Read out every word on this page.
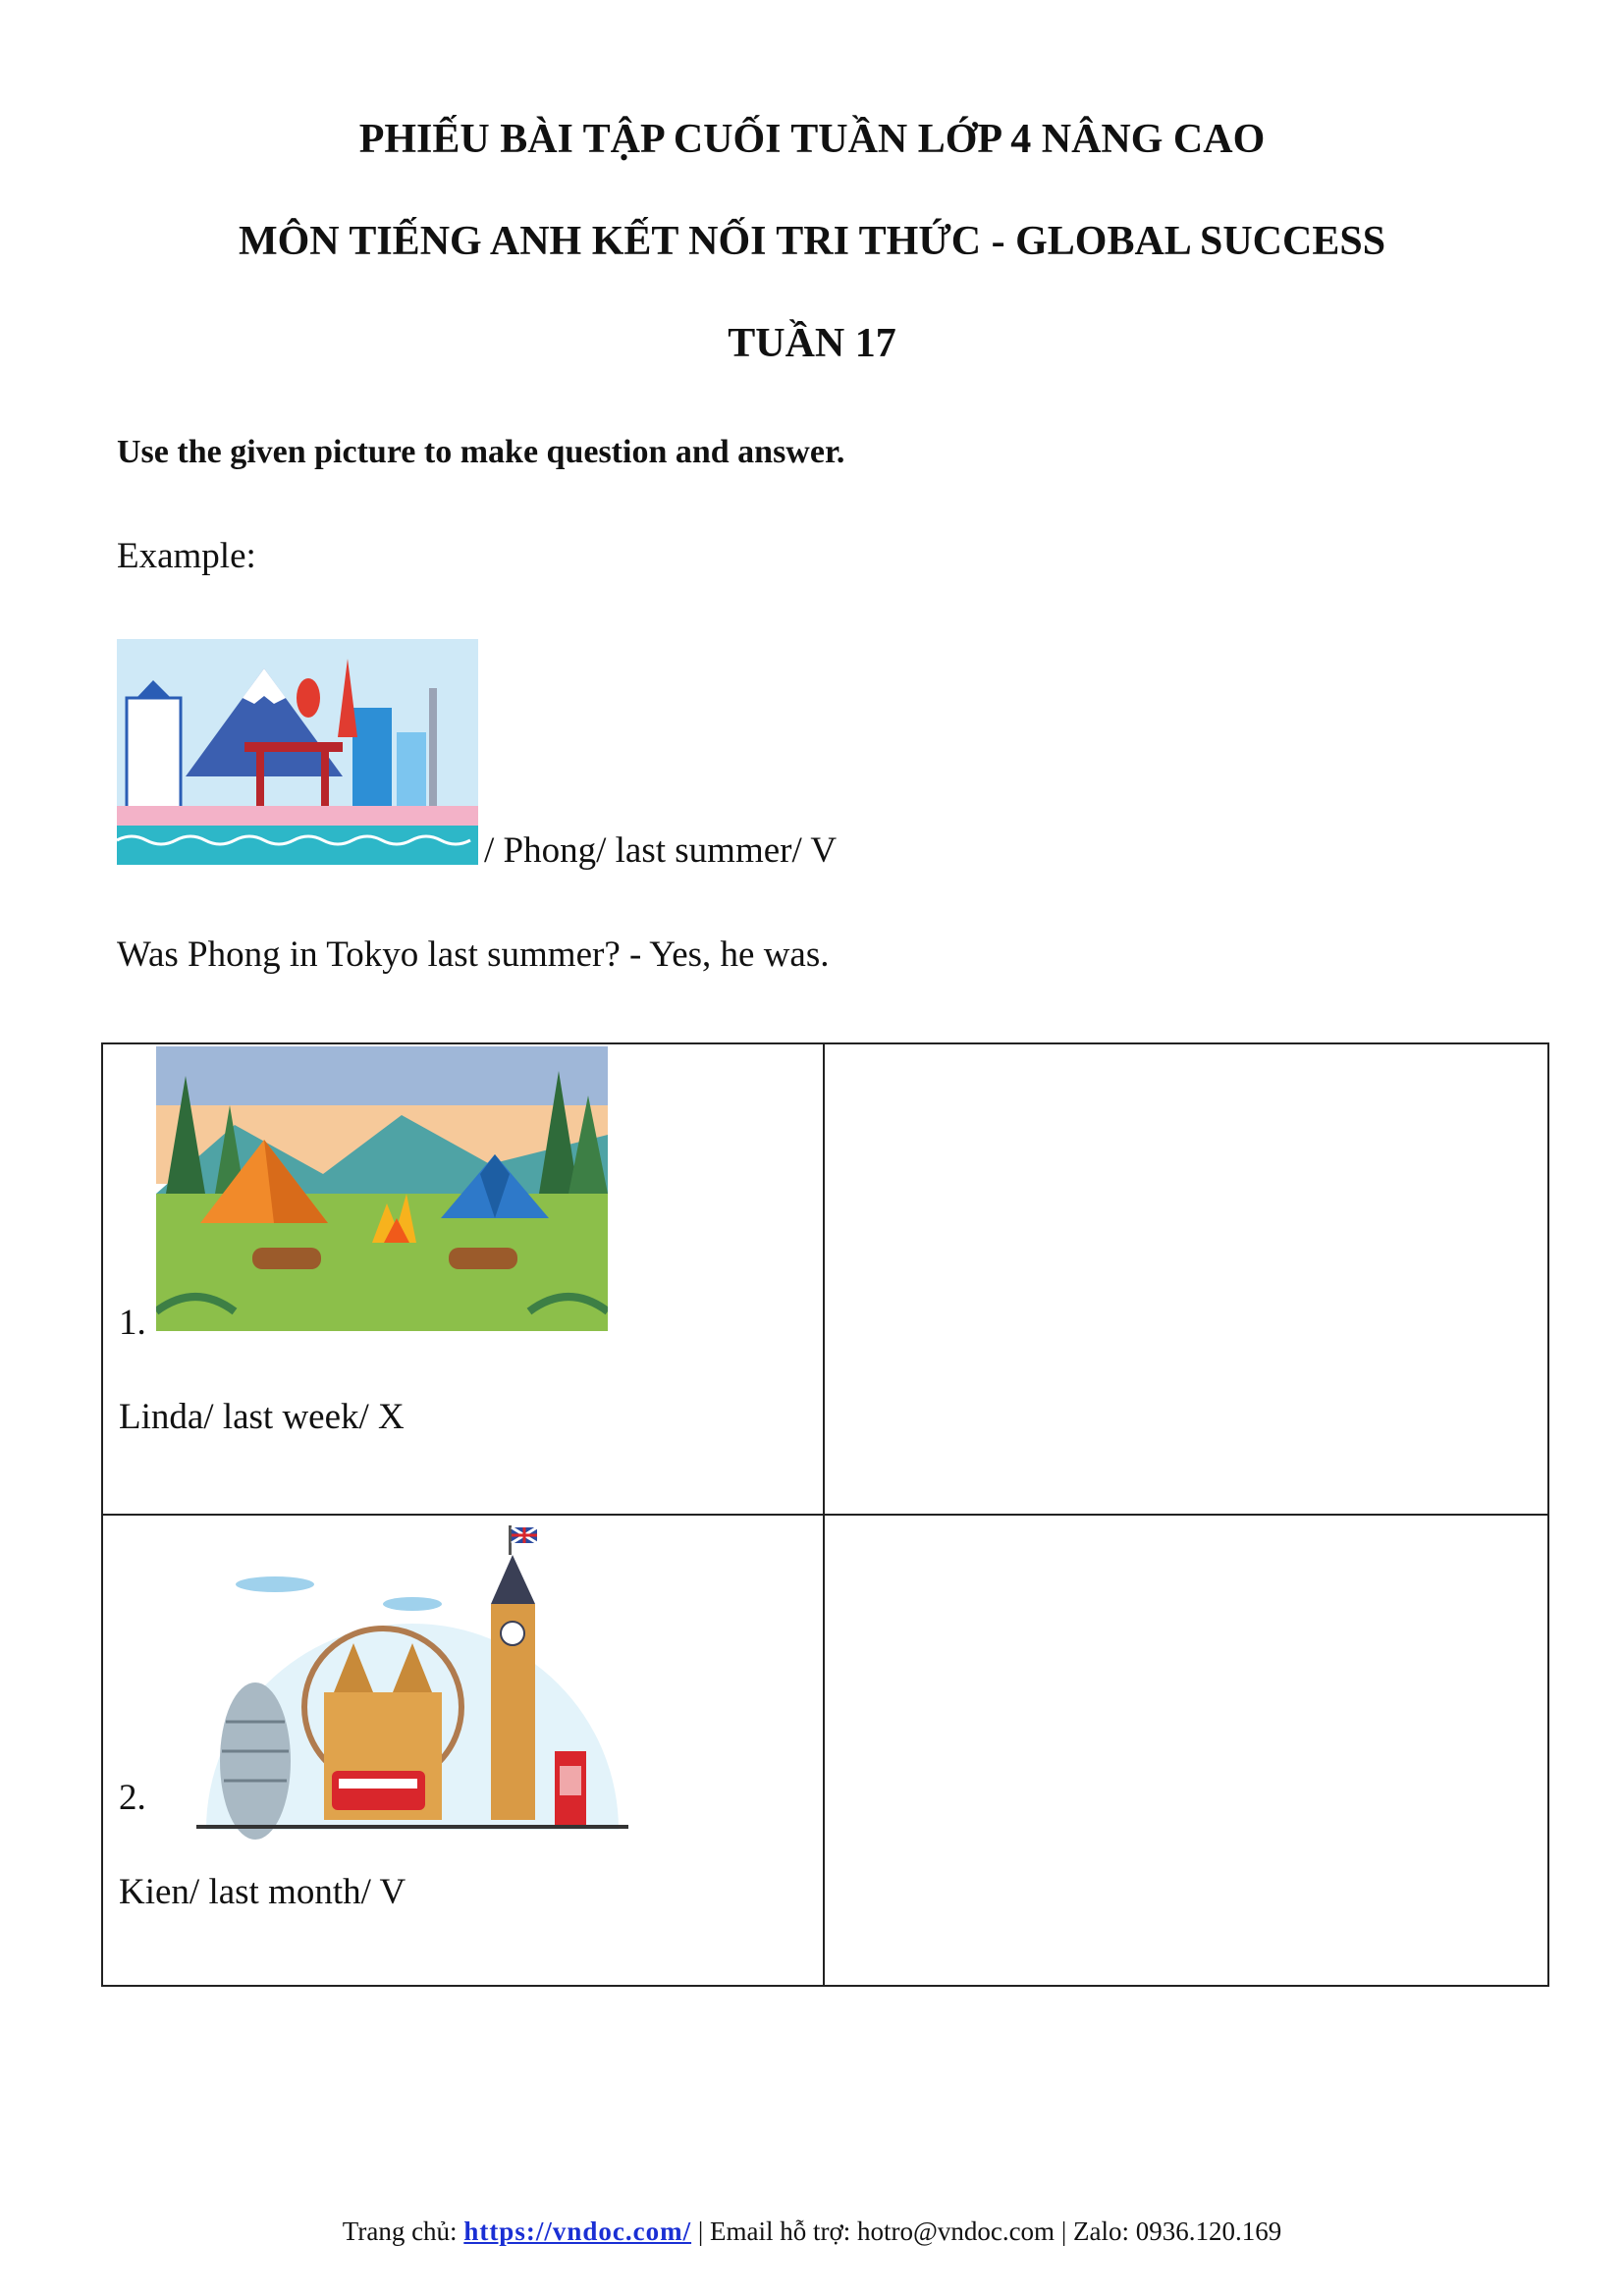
PHIẾU BÀI TẬP CUỐI TUẦN LỚP 4 NÂNG CAO
MÔN TIẾNG ANH KẾT NỐI TRI THỨC - GLOBAL SUCCESS
TUẦN 17
Use the given picture to make question and answer.
Example:
/ Phong/ last summer/ V
Was Phong in Tokyo last summer? - Yes, he was.
1.
Linda/ last week/ X	

2.
Kien/ last month/ V	

Trang chủ: https://vndoc.com/ | Email hỗ trợ: hotro@vndoc.com | Zalo: 0936.120.169
